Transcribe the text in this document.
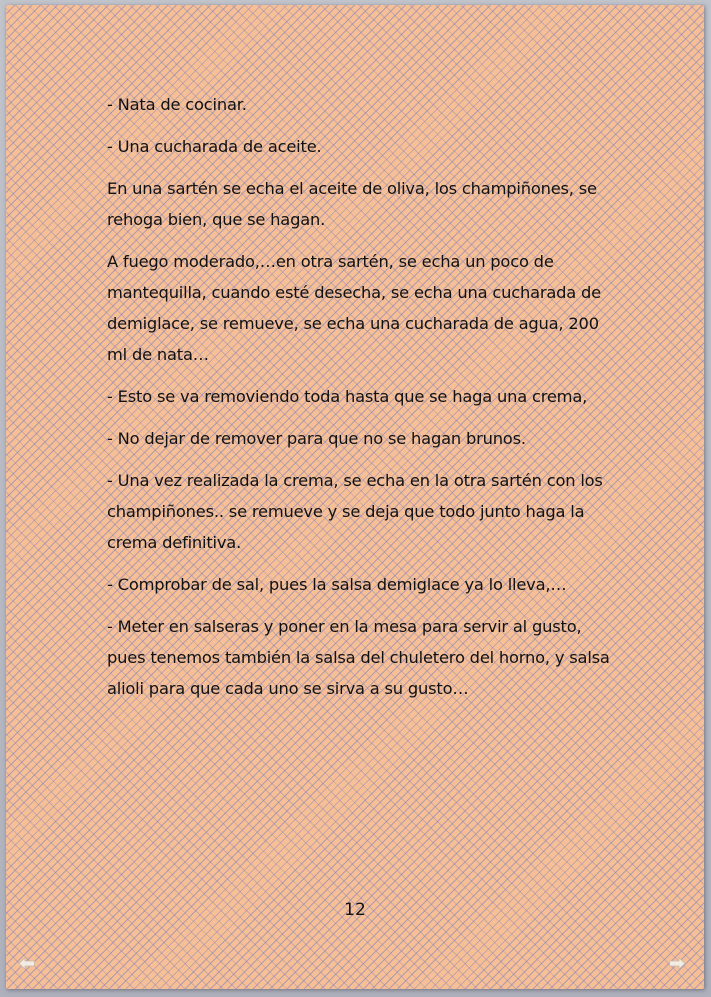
- Nata de cocinar.

- Una cucharada de aceite.

En una sartén se echa el aceite de oliva, los champiñones, se rehoga bien, que se hagan.

A fuego moderado,…en otra sartén, se echa un poco de mantequilla, cuando esté desecha, se echa una cucharada de demiglace, se remueve, se echa una cucharada de agua, 200 ml de nata…

- Esto se va removiendo toda hasta que se haga una crema,

- No dejar de remover para que no se hagan brunos.

- Una vez realizada la crema, se echa en la otra sartén con los champiñones.. se remueve y se deja que todo junto haga la crema definitiva.

- Comprobar de sal, pues la salsa demiglace ya lo lleva,…

- Meter en salseras y poner en la mesa para servir al gusto, pues tenemos también la salsa del chuletero del horno, y salsa alioli para que cada uno se sirva a su gusto…

12
